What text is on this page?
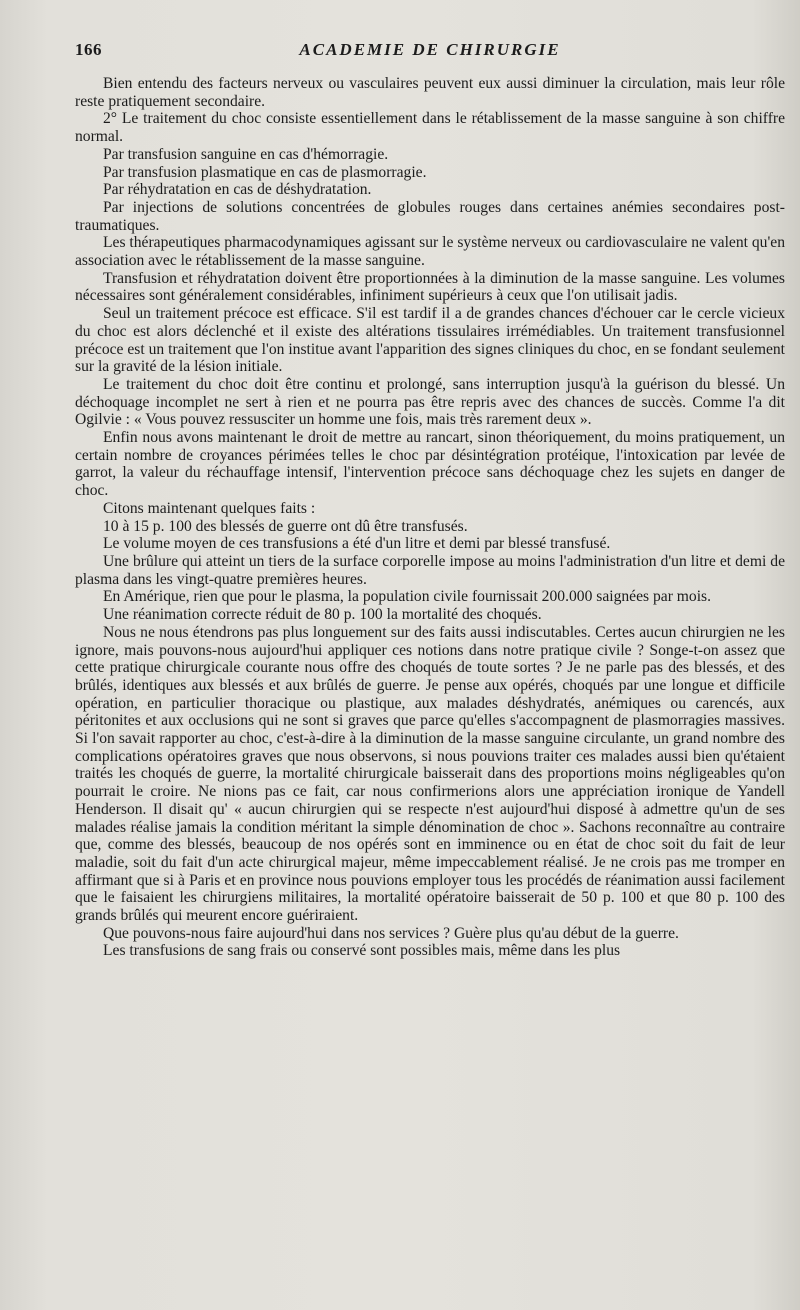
166	ACADEMIE DE CHIRURGIE

Bien entendu des facteurs nerveux ou vasculaires peuvent eux aussi diminuer la circulation, mais leur rôle reste pratiquement secondaire.

2° Le traitement du choc consiste essentiellement dans le rétablissement de la masse sanguine à son chiffre normal.

Par transfusion sanguine en cas d'hémorragie.

Par transfusion plasmatique en cas de plasmorragie.

Par réhydratation en cas de déshydratation.

Par injections de solutions concentrées de globules rouges dans certaines anémies secondaires post-traumatiques.

Les thérapeutiques pharmacodynamiques agissant sur le système nerveux ou cardiovasculaire ne valent qu'en association avec le rétablissement de la masse sanguine.

Transfusion et réhydratation doivent être proportionnées à la diminution de la masse sanguine. Les volumes nécessaires sont généralement considérables, infiniment supérieurs à ceux que l'on utilisait jadis.

Seul un traitement précoce est efficace. S'il est tardif il a de grandes chances d'échouer car le cercle vicieux du choc est alors déclenché et il existe des altérations tissulaires irrémédiables. Un traitement transfusionnel précoce est un traitement que l'on institue avant l'apparition des signes cliniques du choc, en se fondant seulement sur la gravité de la lésion initiale.

Le traitement du choc doit être continu et prolongé, sans interruption jusqu'à la guérison du blessé. Un déchoquage incomplet ne sert à rien et ne pourra pas être repris avec des chances de succès. Comme l'a dit Ogilvie : « Vous pouvez ressusciter un homme une fois, mais très rarement deux ».

Enfin nous avons maintenant le droit de mettre au rancart, sinon théoriquement, du moins pratiquement, un certain nombre de croyances périmées telles le choc par désintégration protéique, l'intoxication par levée de garrot, la valeur du réchauffage intensif, l'intervention précoce sans déchoquage chez les sujets en danger de choc.

Citons maintenant quelques faits :

10 à 15 p. 100 des blessés de guerre ont dû être transfusés.

Le volume moyen de ces transfusions a été d'un litre et demi par blessé transfusé.

Une brûlure qui atteint un tiers de la surface corporelle impose au moins l'administration d'un litre et demi de plasma dans les vingt-quatre premières heures.

En Amérique, rien que pour le plasma, la population civile fournissait 200.000 saignées par mois.

Une réanimation correcte réduit de 80 p. 100 la mortalité des choqués.

Nous ne nous étendrons pas plus longuement sur des faits aussi indiscutables. Certes aucun chirurgien ne les ignore, mais pouvons-nous aujourd'hui appliquer ces notions dans notre pratique civile ? Songe-t-on assez que cette pratique chirurgicale courante nous offre des choqués de toute sortes ? Je ne parle pas des blessés, et des brûlés, identiques aux blessés et aux brûlés de guerre. Je pense aux opérés, choqués par une longue et difficile opération, en particulier thoracique ou plastique, aux malades déshydratés, anémiques ou carencés, aux péritonites et aux occlusions qui ne sont si graves que parce qu'elles s'accompagnent de plasmorragies massives. Si l'on savait rapporter au choc, c'est-à-dire à la diminution de la masse sanguine circulante, un grand nombre des complications opératoires graves que nous observons, si nous pouvions traiter ces malades aussi bien qu'étaient traités les choqués de guerre, la mortalité chirurgicale baisserait dans des proportions moins négligeables qu'on pourrait le croire. Ne nions pas ce fait, car nous confirmerions alors une appréciation ironique de Yandell Henderson. Il disait qu' « aucun chirurgien qui se respecte n'est aujourd'hui disposé à admettre qu'un de ses malades réalise jamais la condition méritant la simple dénomination de choc ». Sachons reconnaître au contraire que, comme des blessés, beaucoup de nos opérés sont en imminence ou en état de choc soit du fait de leur maladie, soit du fait d'un acte chirurgical majeur, même impeccablement réalisé. Je ne crois pas me tromper en affirmant que si à Paris et en province nous pouvions employer tous les procédés de réanimation aussi facilement que le faisaient les chirurgiens militaires, la mortalité opératoire baisserait de 50 p. 100 et que 80 p. 100 des grands brûlés qui meurent encore guériraient.

Que pouvons-nous faire aujourd'hui dans nos services ? Guère plus qu'au début de la guerre.

Les transfusions de sang frais ou conservé sont possibles mais, même dans les plus
